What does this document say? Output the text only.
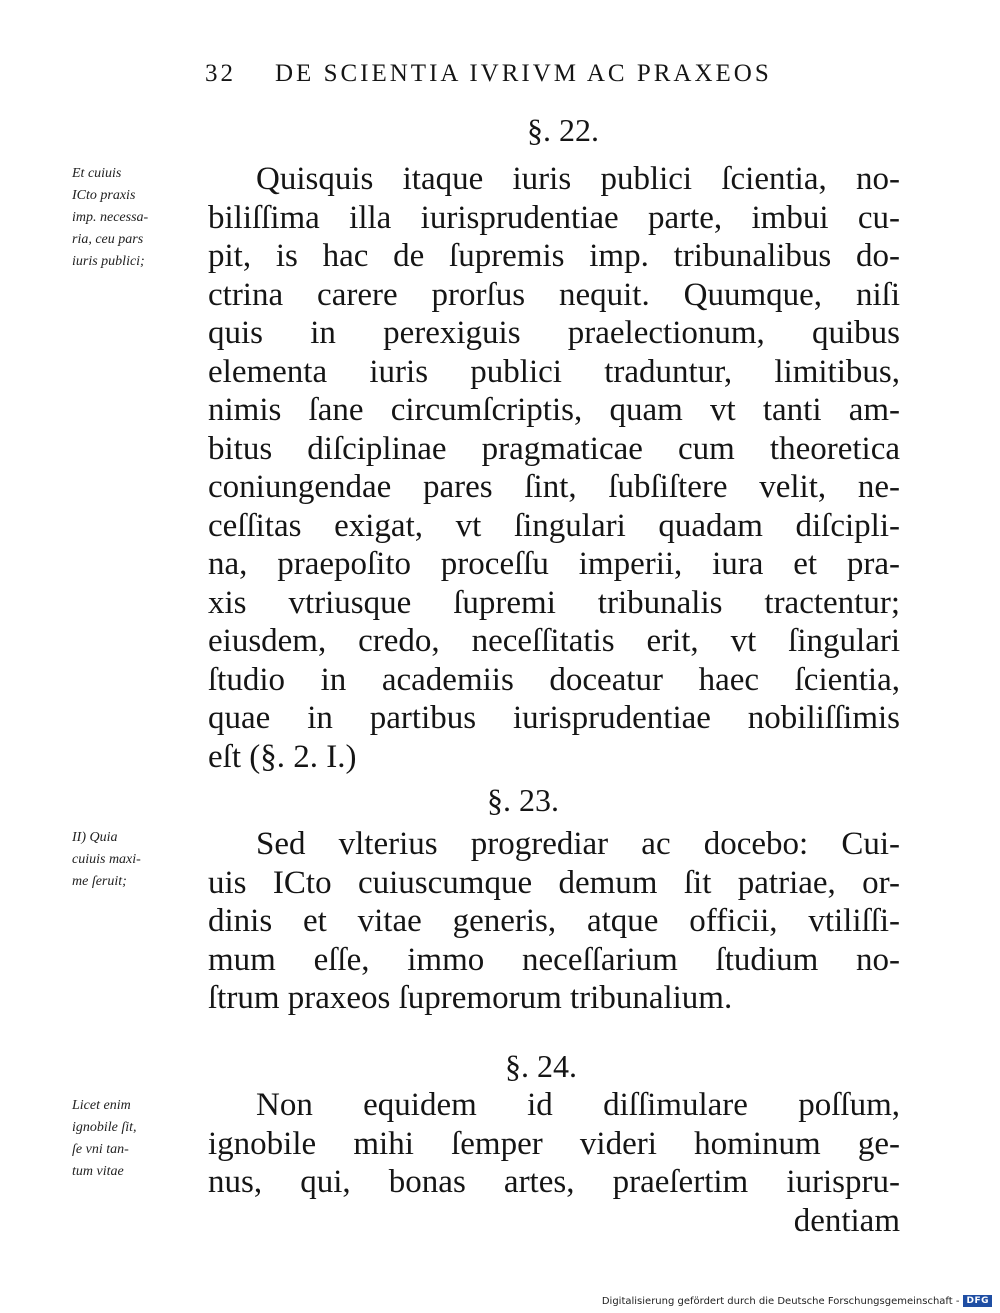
32 DE SCIENTIA IVRIVM AC PRAXEOS
§. 22.
Et cuiuis
ICto praxis
imp. necessa-
ria, ceu pars
iuris publici;
Quisquis itaque iuris publici ſcientia, no-
biliſſima illa iurisprudentiae parte, imbui cu-
pit, is hac de ſupremis imp. tribunalibus do-
ctrina carere prorſus nequit. Quumque, niſi
quis in perexiguis praelectionum, quibus
elementa iuris publici traduntur, limitibus,
nimis ſane circumſcriptis, quam vt tanti am-
bitus diſciplinae pragmaticae cum theoretica
coniungendae pares ſint, ſubſiſtere velit, ne-
ceſſitas exigat, vt ſingulari quadam diſcipli-
na, praepoſito proceſſu imperii, iura et pra-
xis vtriusque ſupremi tribunalis tractentur;
eiusdem, credo, neceſſitatis erit, vt ſingulari
ſtudio in academiis doceatur haec ſcientia,
quae in partibus iurisprudentiae nobiliſſimis
eſt (§. 2. I.)
§. 23.
II) Quia
cuiuis maxi-
me ſeruit;
Sed vlterius progrediar ac docebo: Cui-
uis ICto cuiuscumque demum ſit patriae, or-
dinis et vitae generis, atque officii, vtiliſſi-
mum eſſe, immo neceſſarium ſtudium no-
ſtrum praxeos ſupremorum tribunalium.
§. 24.
Licet enim
ignobile ſit,
ſe vni tan-
tum vitae
Non equidem id diſſimulare poſſum,
ignobile mihi ſemper videri hominum ge-
nus, qui, bonas artes, praeſertim iurispru-
dentiam
Digitalisierung gefördert durch die Deutsche Forschungsgemeinschaft - DFG
